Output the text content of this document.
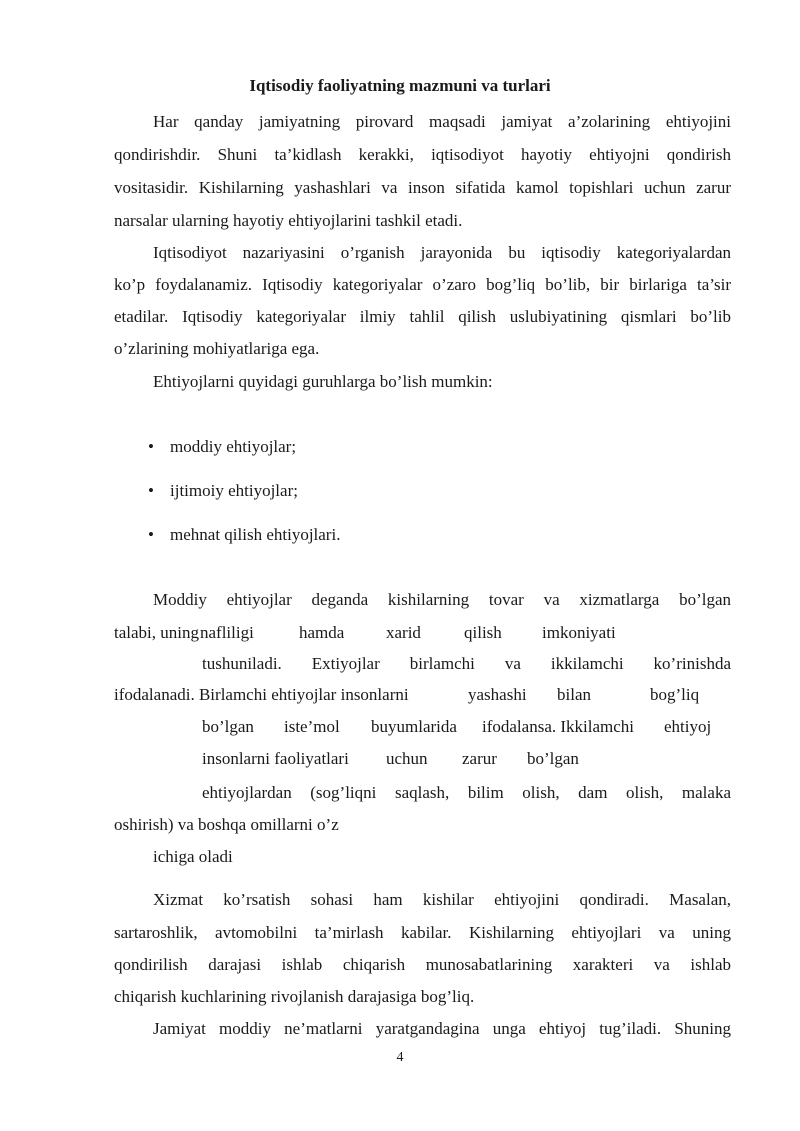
Iqtisodiy faoliyatning mazmuni va turlari
Har qanday jamiyatning pirovard maqsadi jamiyat a’zolarining ehtiyojini
qondirishdir. Shuni ta’kidlash kerakki, iqtisodiyot hayotiy ehtiyojni qondirish
vositasidir. Kishilarning yashashlari va inson sifatida kamol topishlari uchun zarur
narsalar ularning hayotiy ehtiyojlarini tashkil etadi.
Iqtisodiyot nazariyasini o’rganish jarayonida bu iqtisodiy kategoriyalardan
ko’p foydalanamiz. Iqtisodiy kategoriyalar o’zaro bog’liq bo’lib, bir birlariga ta’sir
etadilar. Iqtisodiy kategoriyalar ilmiy tahlil qilish uslubiyatining qismlari bo’lib
o’zlarining mohiyatlariga ega.
Ehtiyojlarni quyidagi guruhlarga bo’lish mumkin:
• moddiy ehtiyojlar;
• ijtimoiy ehtiyojlar;
• mehnat qilish ehtiyojlari.
Moddiy ehtiyojlar deganda kishilarning tovar va xizmatlarga bo’lgan
talabi, uning nafliligi	hamda xarid	qilish imkoniyati
tushuniladi. Extiyojlar birlamchi va ikkilamchi ko’rinishda
ifodalanadi. Birlamchi ehtiyojlar insonlarni	yashashi bilan	bog’liq
bo’lgan iste’mol buyumlarida ifodalansa. Ikkilamchi ehtiyoj
insonlarni faoliyatlari uchun zarur bo’lgan
ehtiyojlardan (sog’liqni saqlash, bilim olish, dam olish, malaka
oshirish) va boshqa omillarni o’z
ichiga oladi
Xizmat ko’rsatish sohasi ham kishilar ehtiyojini qondiradi. Masalan,
sartaroshlik, avtomobilni ta’mirlash kabilar. Kishilarning ehtiyojlari va uning
qondirilish darajasi ishlab chiqarish munosabatlarining xarakteri va ishlab
chiqarish kuchlarining rivojlanish darajasiga bog’liq.
Jamiyat moddiy ne’matlarni yaratgandagina unga ehtiyoj tug’iladi. Shuning
4
